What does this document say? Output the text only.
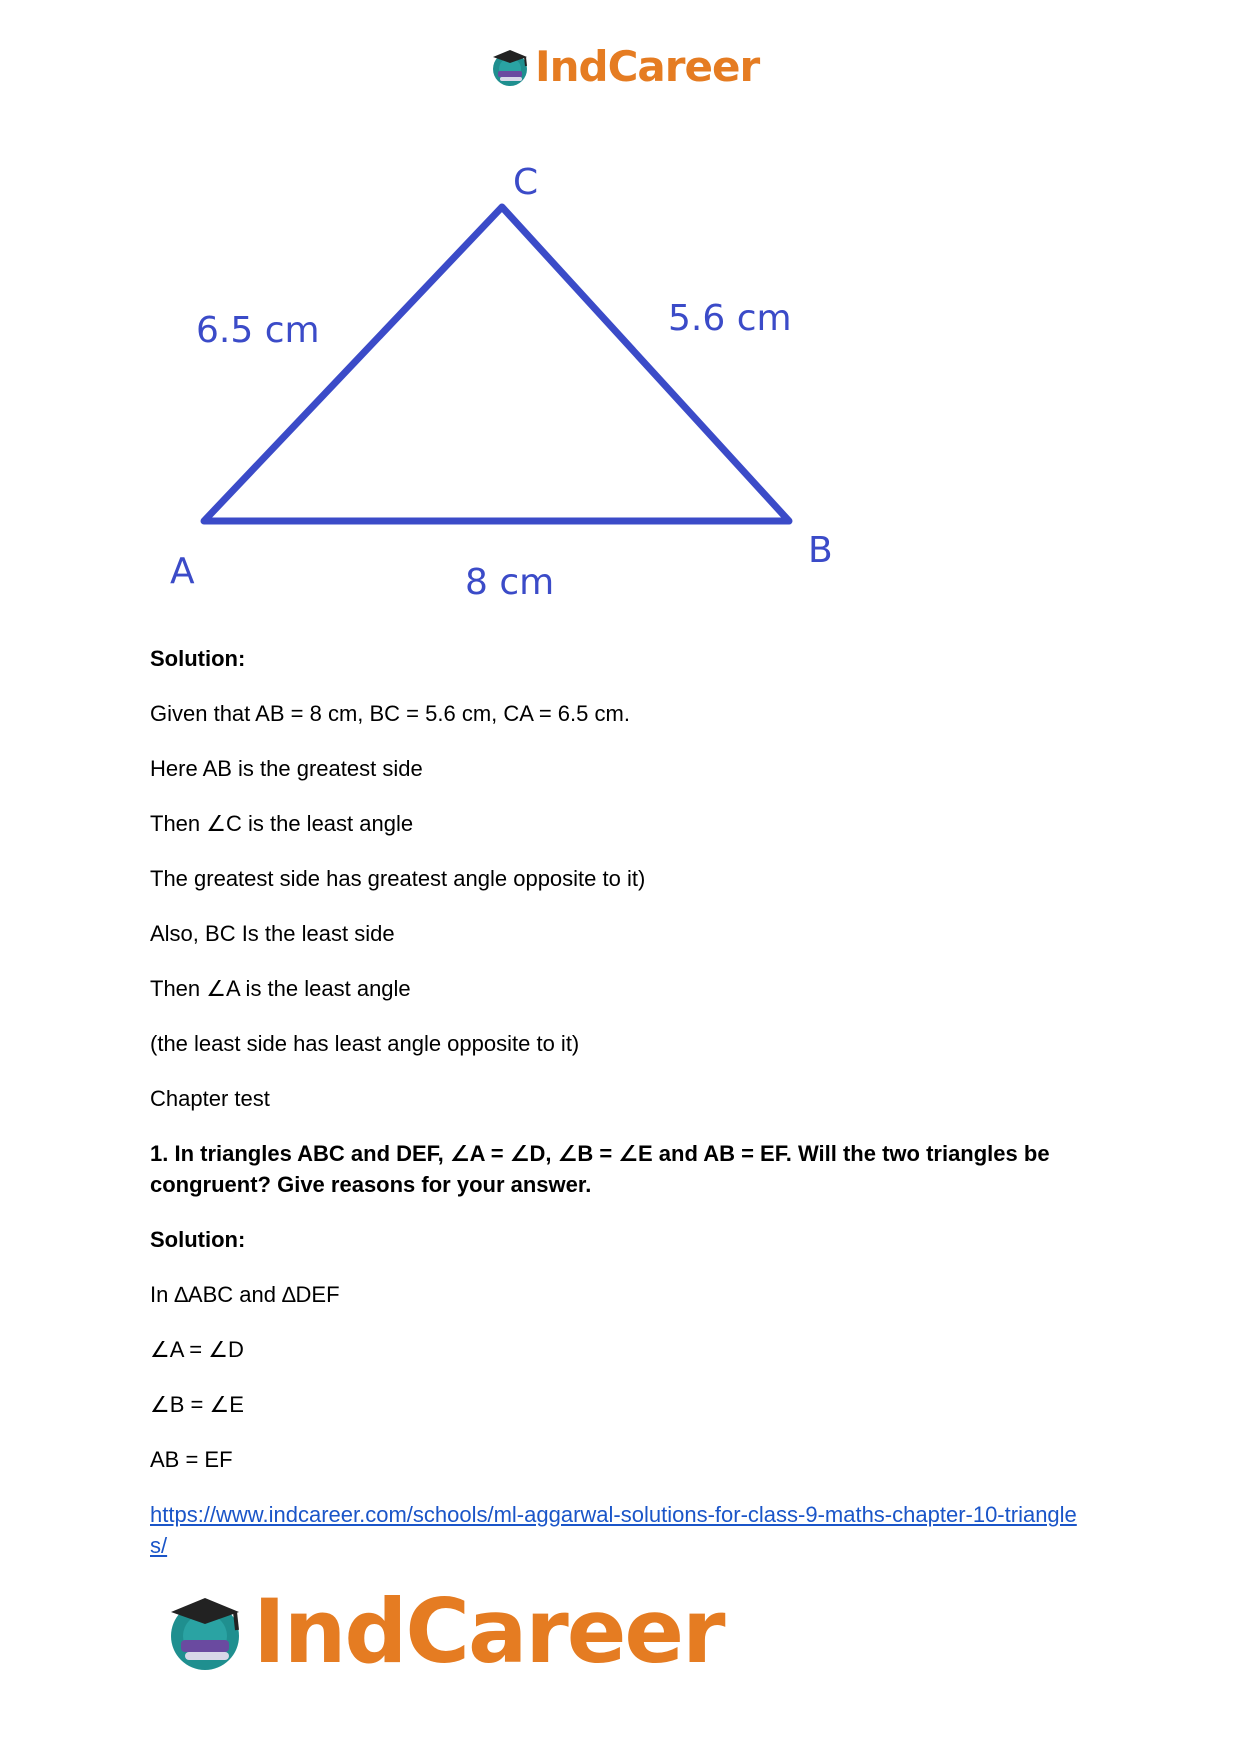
IndCareer
C
A
B
6.5 cm	5.6 cm
8 cm

Solution:

Given that AB = 8 cm, BC = 5.6 cm, CA = 6.5 cm.

Here AB is the greatest side

Then ∠C is the least angle

The greatest side has greatest angle opposite to it)

Also, BC Is the least side

Then ∠A is the least angle

(the least side has least angle opposite to it)

Chapter test

1. In triangles ABC and DEF, ∠A = ∠D, ∠B = ∠E and AB = EF. Will the two triangles be congruent? Give reasons for your answer.

Solution:

In ∆ABC and ∆DEF

∠A = ∠D

∠B = ∠E

AB = EF

https://www.indcareer.com/schools/ml-aggarwal-solutions-for-class-9-maths-chapter-10-triangles/
IndCareer
